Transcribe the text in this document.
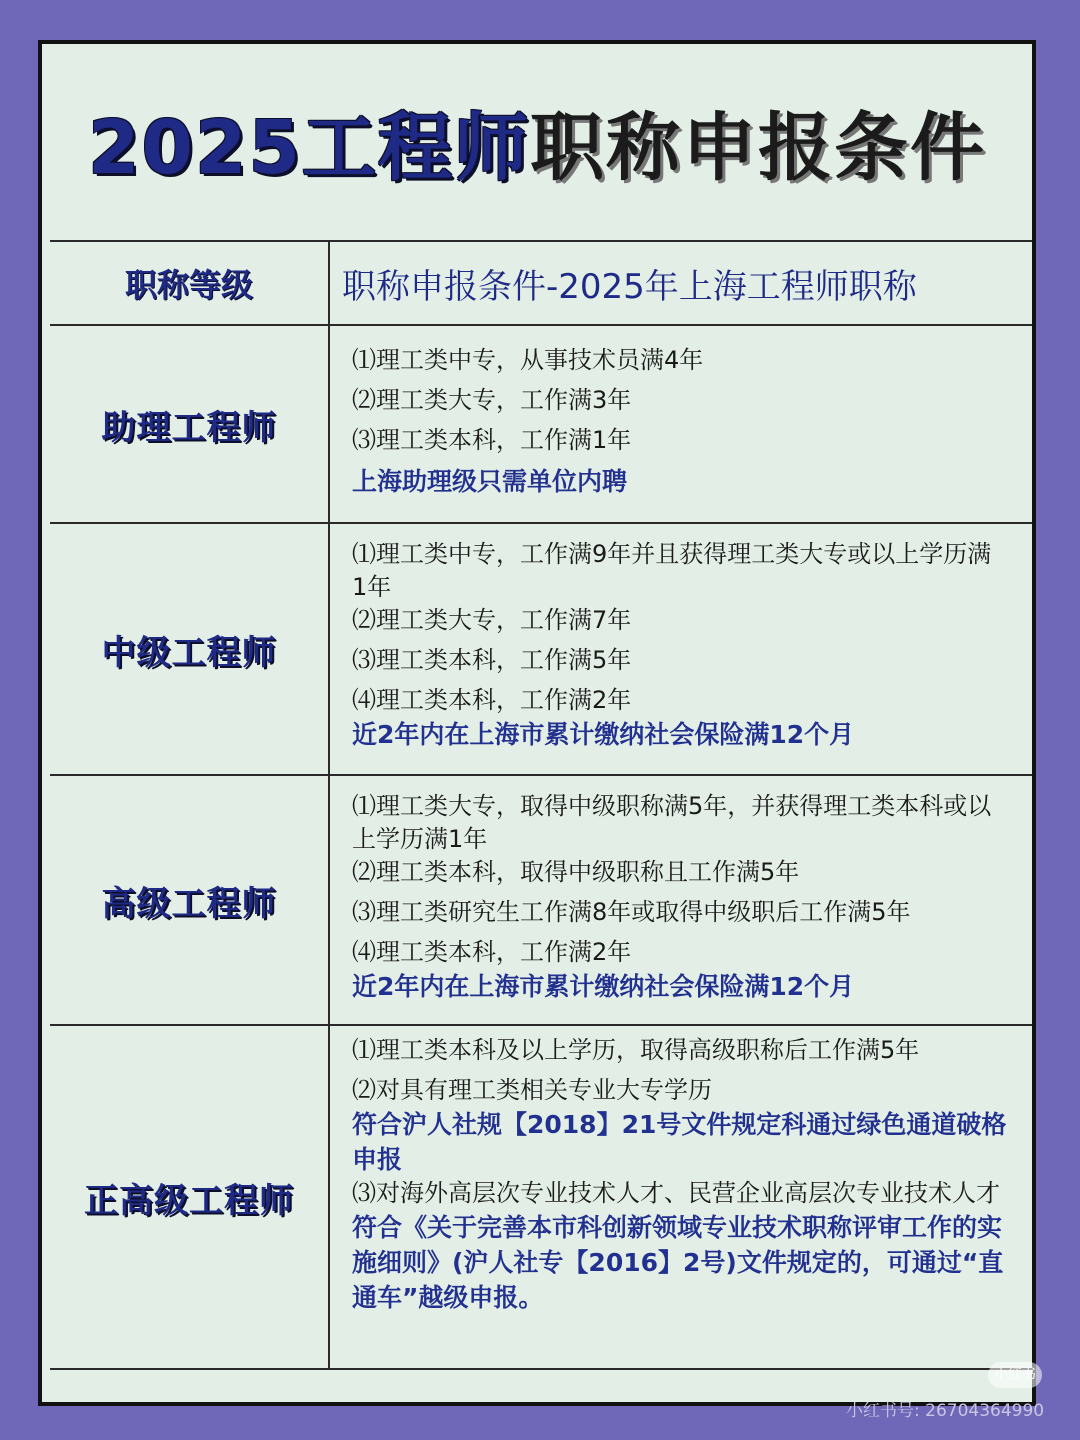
2025工程师职称申报条件
职称等级	职称申报条件-2025年上海工程师职称
助理工程师
⑴理工类中专，从事技术员满4年
⑵理工类大专，工作满3年
⑶理工类本科，工作满1年
上海助理级只需单位内聘
中级工程师
⑴理工类中专，工作满9年并且获得理工类大专或以上学历满1年
⑵理工类大专，工作满7年
⑶理工类本科，工作满5年
⑷理工类本科，工作满2年
近2年内在上海市累计缴纳社会保险满12个月
高级工程师
⑴理工类大专，取得中级职称满5年，并获得理工类本科或以上学历满1年
⑵理工类本科，取得中级职称且工作满5年
⑶理工类研究生工作满8年或取得中级职后工作满5年
⑷理工类本科，工作满2年
近2年内在上海市累计缴纳社会保险满12个月
正高级工程师
⑴理工类本科及以上学历，取得高级职称后工作满5年
⑵对具有理工类相关专业大专学历
符合沪人社规【2018】21号文件规定科通过绿色通道破格申报
⑶对海外高层次专业技术人才、民营企业高层次专业技术人才
符合《关于完善本市科创新领域专业技术职称评审工作的实施细则》(沪人社专【2016】2号)文件规定的，可通过“直通车”越级申报。
小红书
小红书号: 26704364990
